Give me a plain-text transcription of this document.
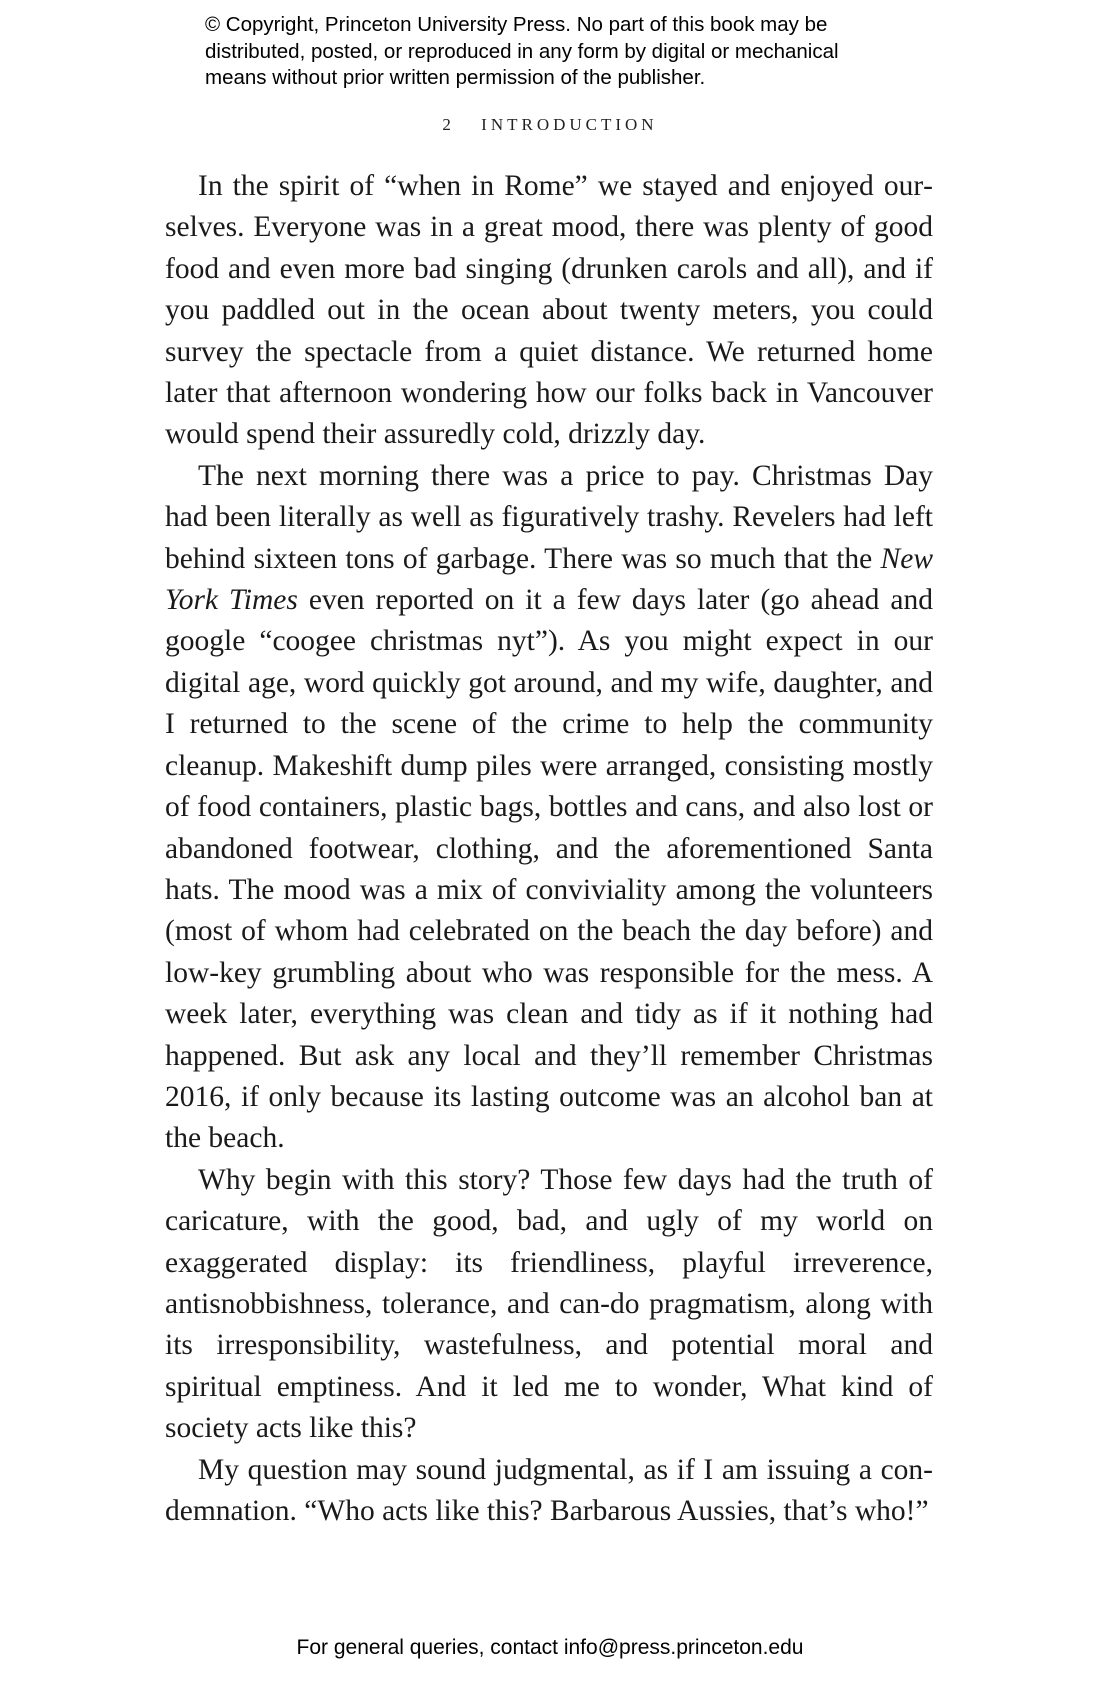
© Copyright, Princeton University Press. No part of this book may be
distributed, posted, or reproduced in any form by digital or mechanical
means without prior written permission of the publisher.
2 INTRODUCTION

In the spirit of “when in Rome” we stayed and enjoyed ourselves. Everyone was in a great mood, there was plenty of good food and even more bad singing (drunken carols and all), and if you paddled out in the ocean about twenty meters, you could survey the spectacle from a quiet distance. We returned home later that afternoon wondering how our folks back in Vancouver would spend their assuredly cold, drizzly day.

The next morning there was a price to pay. Christmas Day had been literally as well as figuratively trashy. Revelers had left behind sixteen tons of garbage. There was so much that the New York Times even reported on it a few days later (go ahead and google “coogee christmas nyt”). As you might expect in our digital age, word quickly got around, and my wife, daughter, and I returned to the scene of the crime to help the community cleanup. Makeshift dump piles were arranged, consisting mostly of food containers, plastic bags, bottles and cans, and also lost or abandoned footwear, clothing, and the aforementioned Santa hats. The mood was a mix of conviviality among the volunteers (most of whom had celebrated on the beach the day before) and low-key grumbling about who was responsible for the mess. A week later, everything was clean and tidy as if it nothing had happened. But ask any local and they’ll remember Christmas 2016, if only because its lasting outcome was an alcohol ban at the beach.

Why begin with this story? Those few days had the truth of caricature, with the good, bad, and ugly of my world on exaggerated display: its friendliness, playful irreverence, antisnobbishness, tolerance, and can-do pragmatism, along with its irresponsibility, wastefulness, and potential moral and spiritual emptiness. And it led me to wonder, What kind of society acts like this?

My question may sound judgmental, as if I am issuing a condemnation. “Who acts like this? Barbarous Aussies, that’s who!”

For general queries, contact info@press.princeton.edu
